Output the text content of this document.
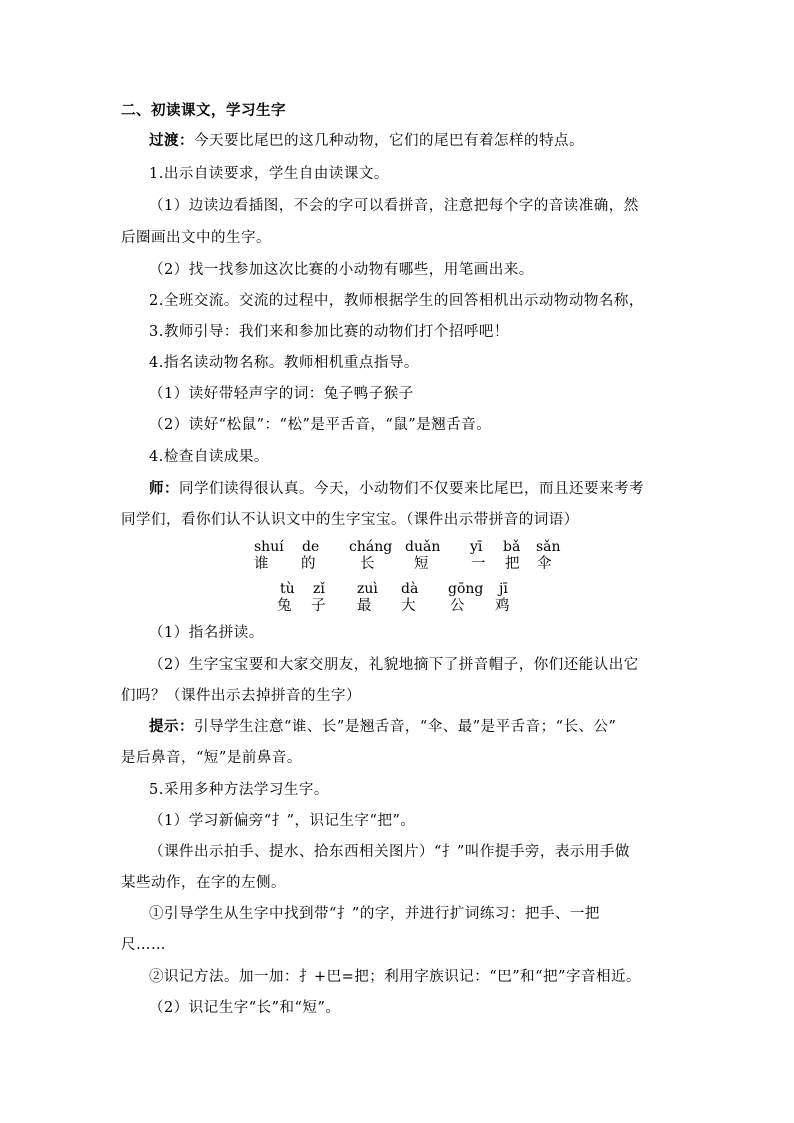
二、初读课文，学习生字
过渡：今天要比尾巴的这几种动物，它们的尾巴有着怎样的特点。
1.出示自读要求，学生自由读课文。
（1）边读边看插图，不会的字可以看拼音，注意把每个字的音读准确，然
后圈画出文中的生字。
（2）找一找参加这次比赛的小动物有哪些，用笔画出来。
2.全班交流。交流的过程中，教师根据学生的回答相机出示动物动物名称，
3.教师引导：我们来和参加比赛的动物们打个招呼吧！
4.指名读动物名称。教师相机重点指导。
（1）读好带轻声字的词：兔子鸭子猴子
（2）读好“松鼠”：“松”是平舌音，“鼠”是翘舌音。
4.检查自读成果。
师：同学们读得很认真。今天，小动物们不仅要来比尾巴，而且还要来考考
同学们，看你们认不认识文中的生字宝宝。（课件出示带拼音的词语）
shuí de cháng duǎn yī bǎ sǎn
谁 的	长	短	一 把 伞
tù zǐ zuì dà gōng jī
兔 子 最 大 公 鸡
（1）指名拼读。
（2）生字宝宝要和大家交朋友，礼貌地摘下了拼音帽子，你们还能认出它
们吗？（课件出示去掉拼音的生字）
提示：引导学生注意“谁、长”是翘舌音，“伞、最”是平舌音；“长、公”
是后鼻音，“短”是前鼻音。
5.采用多种方法学习生字。
（1）学习新偏旁“扌”，识记生字“把”。
（课件出示拍手、提水、拾东西相关图片）“扌”叫作提手旁，表示用手做
某些动作，在字的左侧。
①引导学生从生字中找到带“扌”的字，并进行扩词练习：把手、一把
尺……
②识记方法。加一加：扌+巴=把；利用字族识记：“巴”和“把”字音相近。
（2）识记生字“长”和“短”。
